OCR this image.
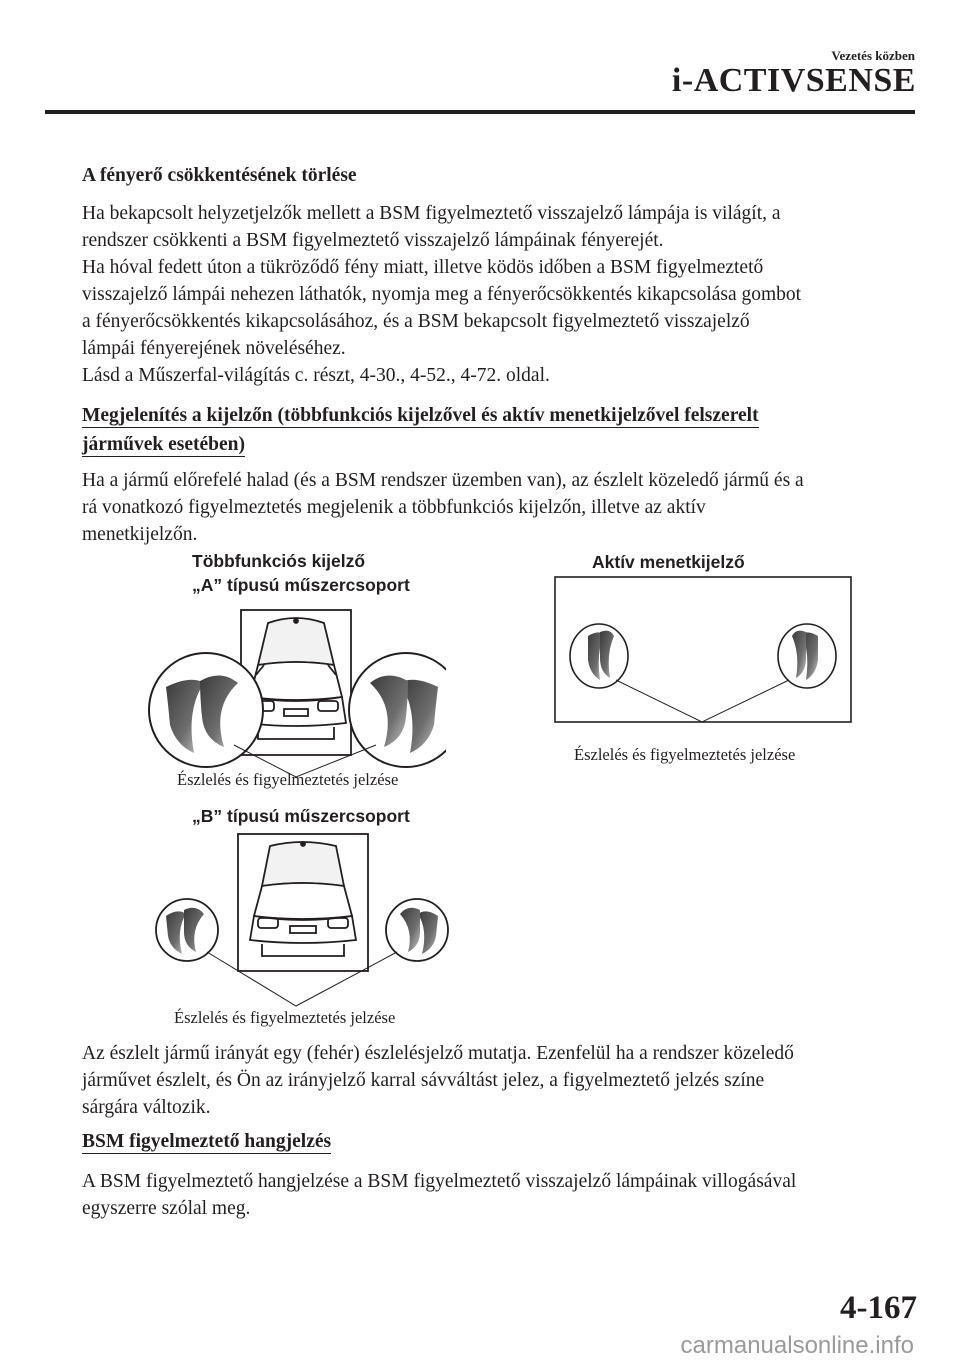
Vezetés közben
i-ACTIVSENSE
A fényerő csökkentésének törlése
Ha bekapcsolt helyzetjelzők mellett a BSM figyelmeztető visszajelző lámpája is világít, a
rendszer csökkenti a BSM figyelmeztető visszajelző lámpáinak fényerejét.
Ha hóval fedett úton a tükröződő fény miatt, illetve ködös időben a BSM figyelmeztető
visszajelző lámpái nehezen láthatók, nyomja meg a fényerőcsökkentés kikapcsolása gombot
a fényerőcsökkentés kikapcsolásához, és a BSM bekapcsolt figyelmeztető visszajelző
lámpái fényerejének növeléséhez.
Lásd a Műszerfal-világítás c. részt, 4-30., 4-52., 4-72. oldal.
Megjelenítés a kijelzőn (többfunkciós kijelzővel és aktív menetkijelzővel felszerelt
járművek esetében)
Ha a jármű előrefelé halad (és a BSM rendszer üzemben van), az észlelt közeledő jármű és a
rá vonatkozó figyelmeztetés megjelenik a többfunkciós kijelzőn, illetve az aktív
menetkijelzőn.
Többfunkciós kijelző
„A” típusú műszercsoport
Aktív menetkijelző
„B” típusú műszercsoport
Észlelés és figyelmeztetés jelzése
Észlelés és figyelmeztetés jelzése
Észlelés és figyelmeztetés jelzése
Az észlelt jármű irányát egy (fehér) észlelésjelző mutatja. Ezenfelül ha a rendszer közeledő
járművet észlelt, és Ön az irányjelző karral sávváltást jelez, a figyelmeztető jelzés színe
sárgára változik.
BSM figyelmeztető hangjelzés
A BSM figyelmeztető hangjelzése a BSM figyelmeztető visszajelző lámpáinak villogásával
egyszerre szólal meg.
4-167
carmanualsonline.info
